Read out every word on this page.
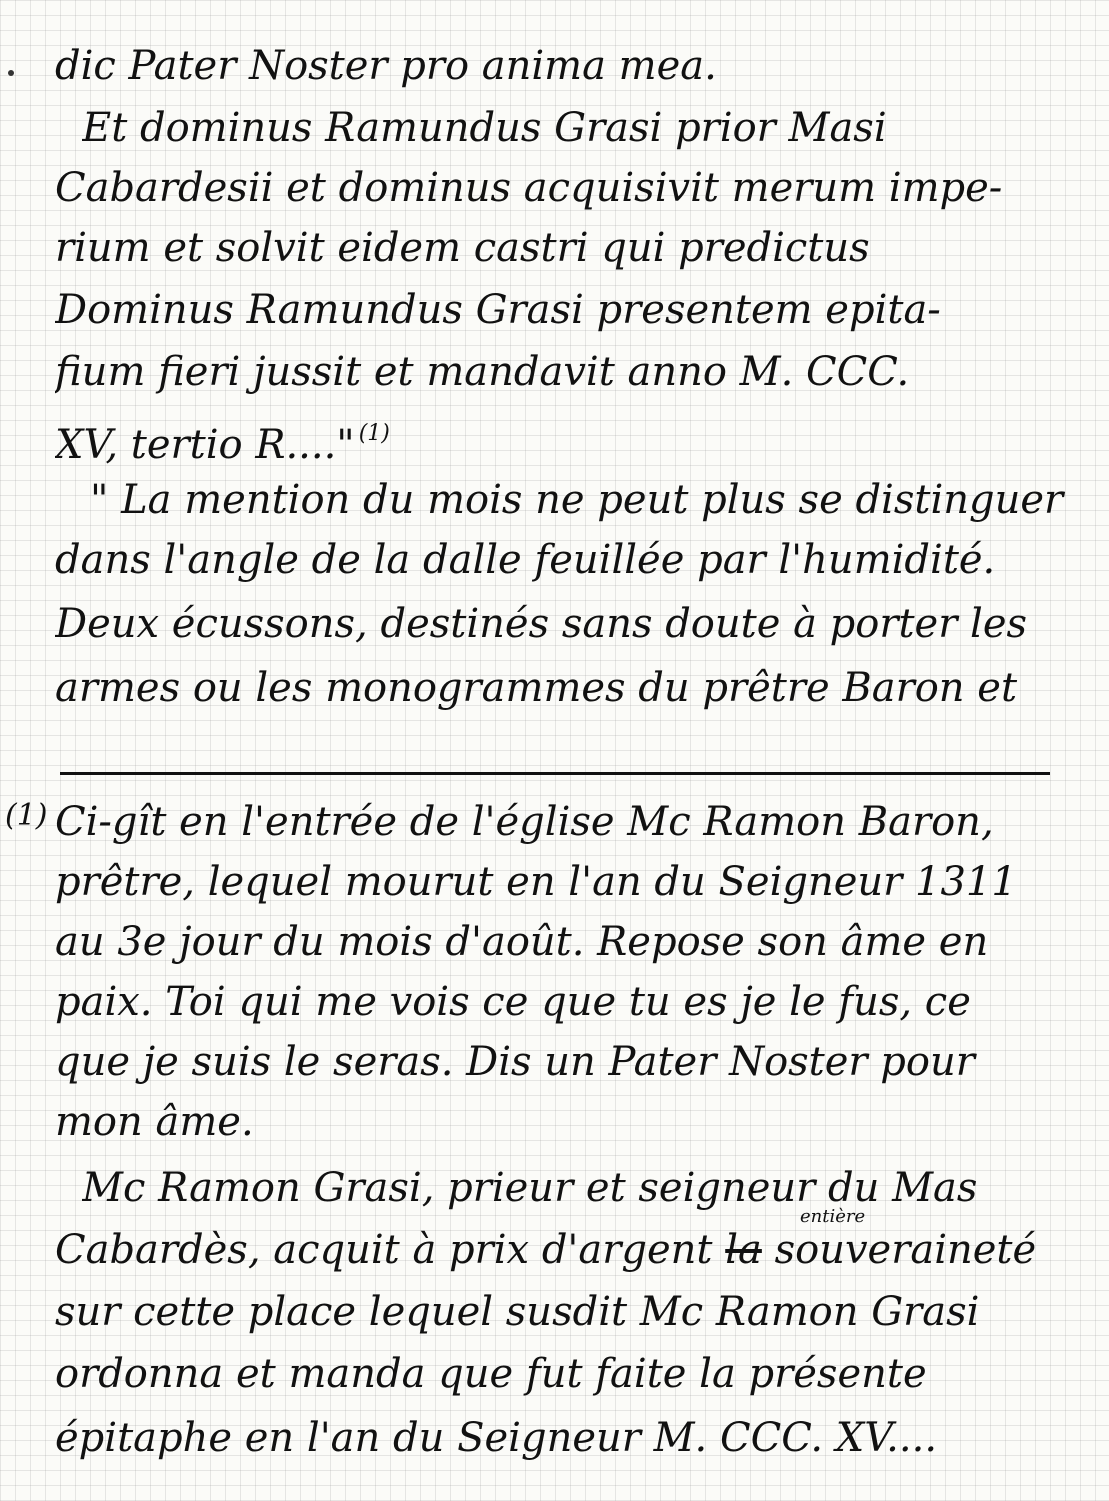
dic Pater Noster pro anima mea.
Et dominus Ramundus Grasi prior Masi
Cabardesii et dominus acquisivit merum impe-
rium et solvit eidem castri qui predictus
Dominus Ramundus Grasi presentem epita-
fium fieri jussit et mandavit anno M. CCC.
XV, tertio R...." $^{(1)}$
" La mention du mois ne peut plus se distinguer
dans l'angle de la dalle feuillée par l'humidité.
Deux écussons, destinés sans doute à porter les
armes ou les monogrammes du prêtre Baron et
(1) Ci-gît en l'entrée de l'église Mc Ramon Baron,
prêtre, lequel mourut en l'an du Seigneur 1311
au 3e jour du mois d'août. Repose son âme en
paix. Toi qui me vois ce que tu es je le fus, ce
que je suis le seras. Dis un Pater Noster pour
mon âme.
Mc Ramon Grasi, prieur et seigneur du Mas
entière
Cabardès, acquit à prix d'argent la souveraineté
sur cette place lequel susdit Mc Ramon Grasi
ordonna et manda que fut faite la présente
épitaphe en l'an du Seigneur M. CCC. XV....
